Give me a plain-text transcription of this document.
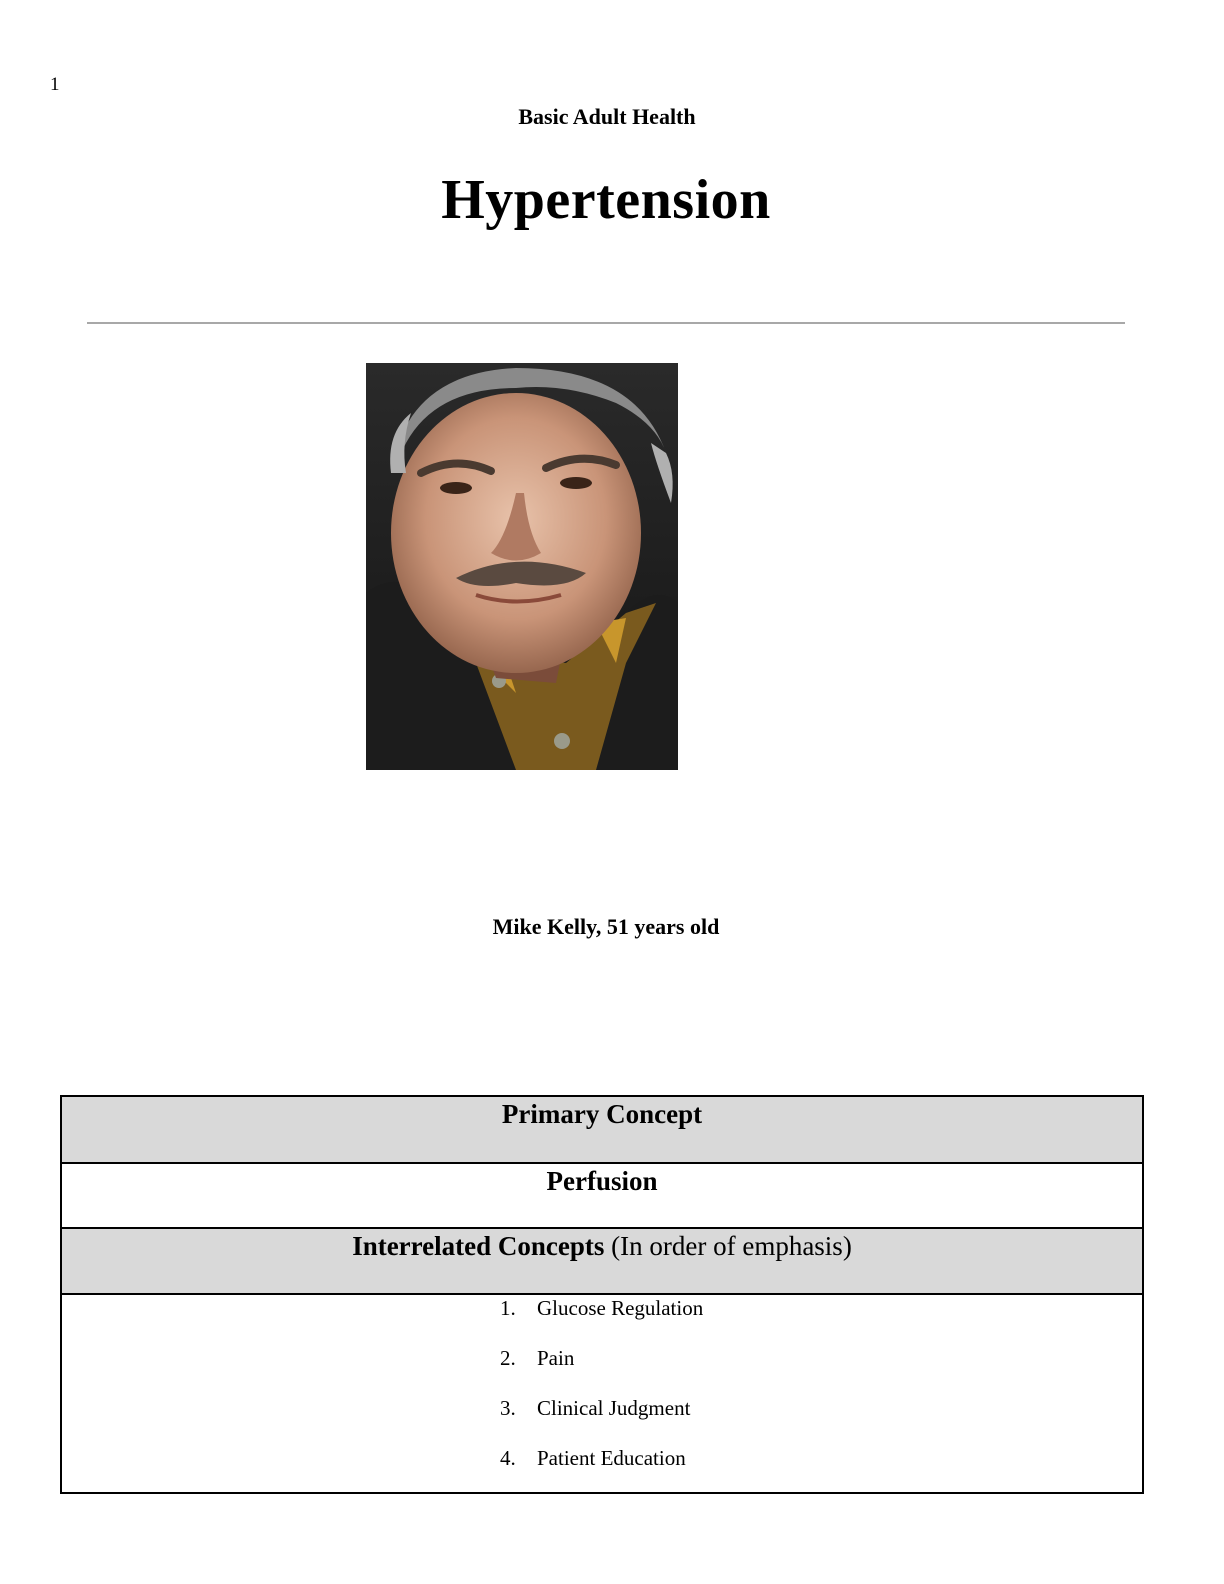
1
Basic Adult Health
Hypertension
Mike Kelly, 51 years old
Primary Concept
Perfusion
Interrelated Concepts (In order of emphasis)
1. Glucose Regulation
2. Pain
3. Clinical Judgment
4. Patient Education
